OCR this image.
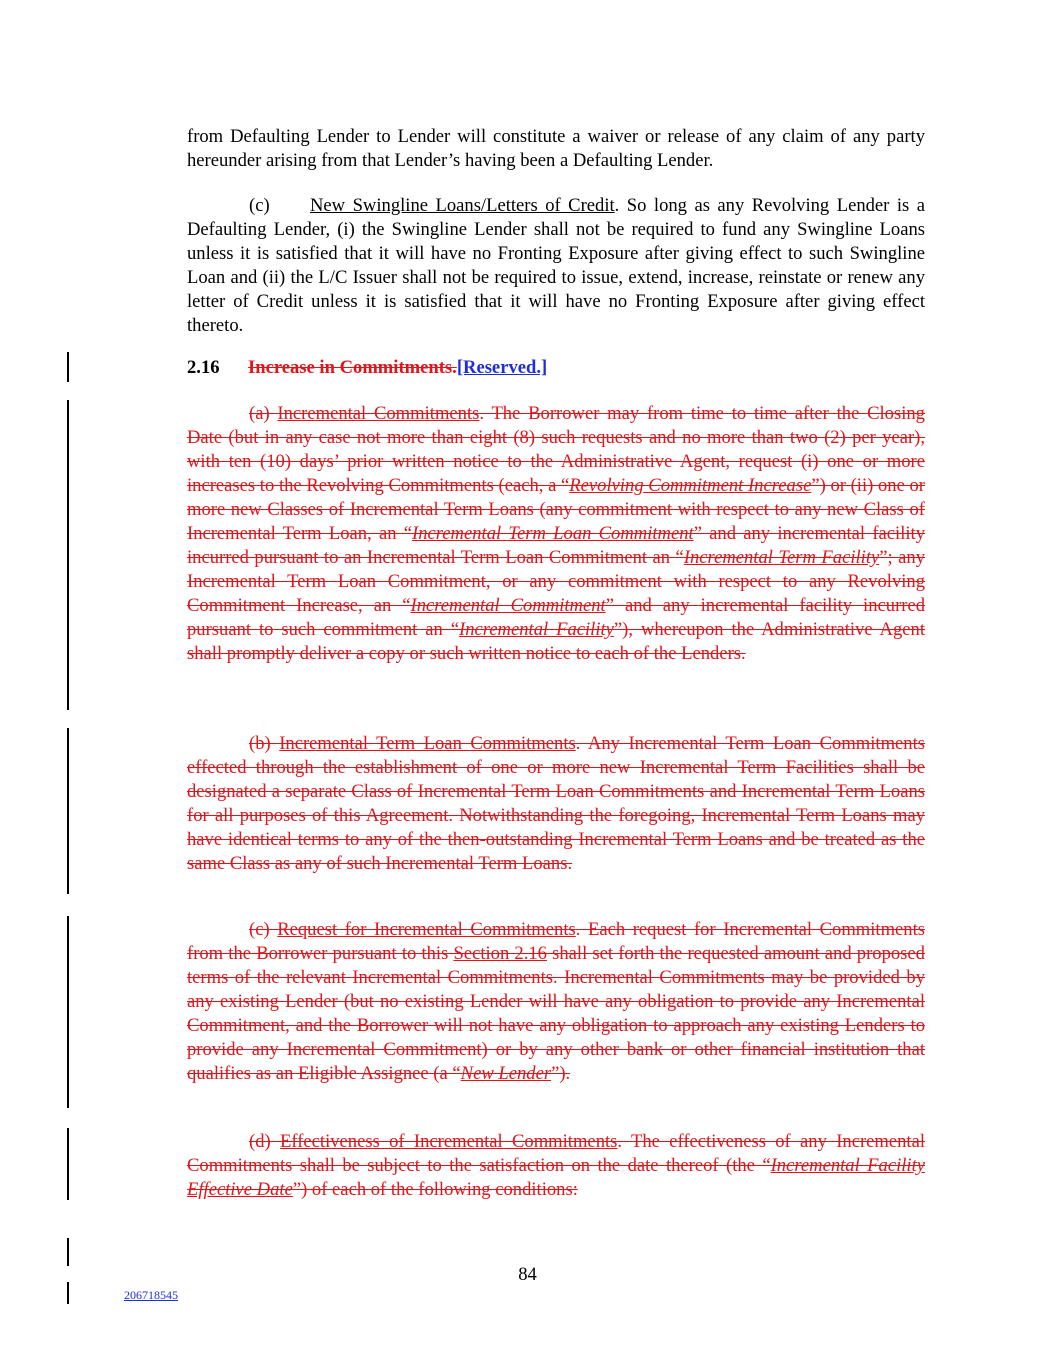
from Defaulting Lender to Lender will constitute a waiver or release of any claim of any party hereunder arising from that Lender’s having been a Defaulting Lender.

(c) New Swingline Loans/Letters of Credit. So long as any Revolving Lender is a Defaulting Lender, (i) the Swingline Lender shall not be required to fund any Swingline Loans unless it is satisfied that it will have no Fronting Exposure after giving effect to such Swingline Loan and (ii) the L/C Issuer shall not be required to issue, extend, increase, reinstate or renew any letter of Credit unless it is satisfied that it will have no Fronting Exposure after giving effect thereto.

2.16 Increase in Commitments.[Reserved.]

(a) Incremental Commitments. The Borrower may from time to time after the Closing Date (but in any case not more than eight (8) such requests and no more than two (2) per year), with ten (10) days’ prior written notice to the Administrative Agent, request (i) one or more increases to the Revolving Commitments (each, a “Revolving Commitment Increase”) or (ii) one or more new Classes of Incremental Term Loans (any commitment with respect to any new Class of Incremental Term Loan, an “Incremental Term Loan Commitment” and any incremental facility incurred pursuant to an Incremental Term Loan Commitment an “Incremental Term Facility”; any Incremental Term Loan Commitment, or any commitment with respect to any Revolving Commitment Increase, an “Incremental Commitment” and any incremental facility incurred pursuant to such commitment an “Incremental Facility”), whereupon the Administrative Agent shall promptly deliver a copy or such written notice to each of the Lenders.

(b) Incremental Term Loan Commitments. Any Incremental Term Loan Commitments effected through the establishment of one or more new Incremental Term Facilities shall be designated a separate Class of Incremental Term Loan Commitments and Incremental Term Loans for all purposes of this Agreement. Notwithstanding the foregoing, Incremental Term Loans may have identical terms to any of the then-outstanding Incremental Term Loans and be treated as the same Class as any of such Incremental Term Loans.

(c) Request for Incremental Commitments. Each request for Incremental Commitments from the Borrower pursuant to this Section 2.16 shall set forth the requested amount and proposed terms of the relevant Incremental Commitments. Incremental Commitments may be provided by any existing Lender (but no existing Lender will have any obligation to provide any Incremental Commitment, and the Borrower will not have any obligation to approach any existing Lenders to provide any Incremental Commitment) or by any other bank or other financial institution that qualifies as an Eligible Assignee (a “New Lender”).

(d) Effectiveness of Incremental Commitments. The effectiveness of any Incremental Commitments shall be subject to the satisfaction on the date thereof (the “Incremental Facility Effective Date”) of each of the following conditions:

84
206718545
